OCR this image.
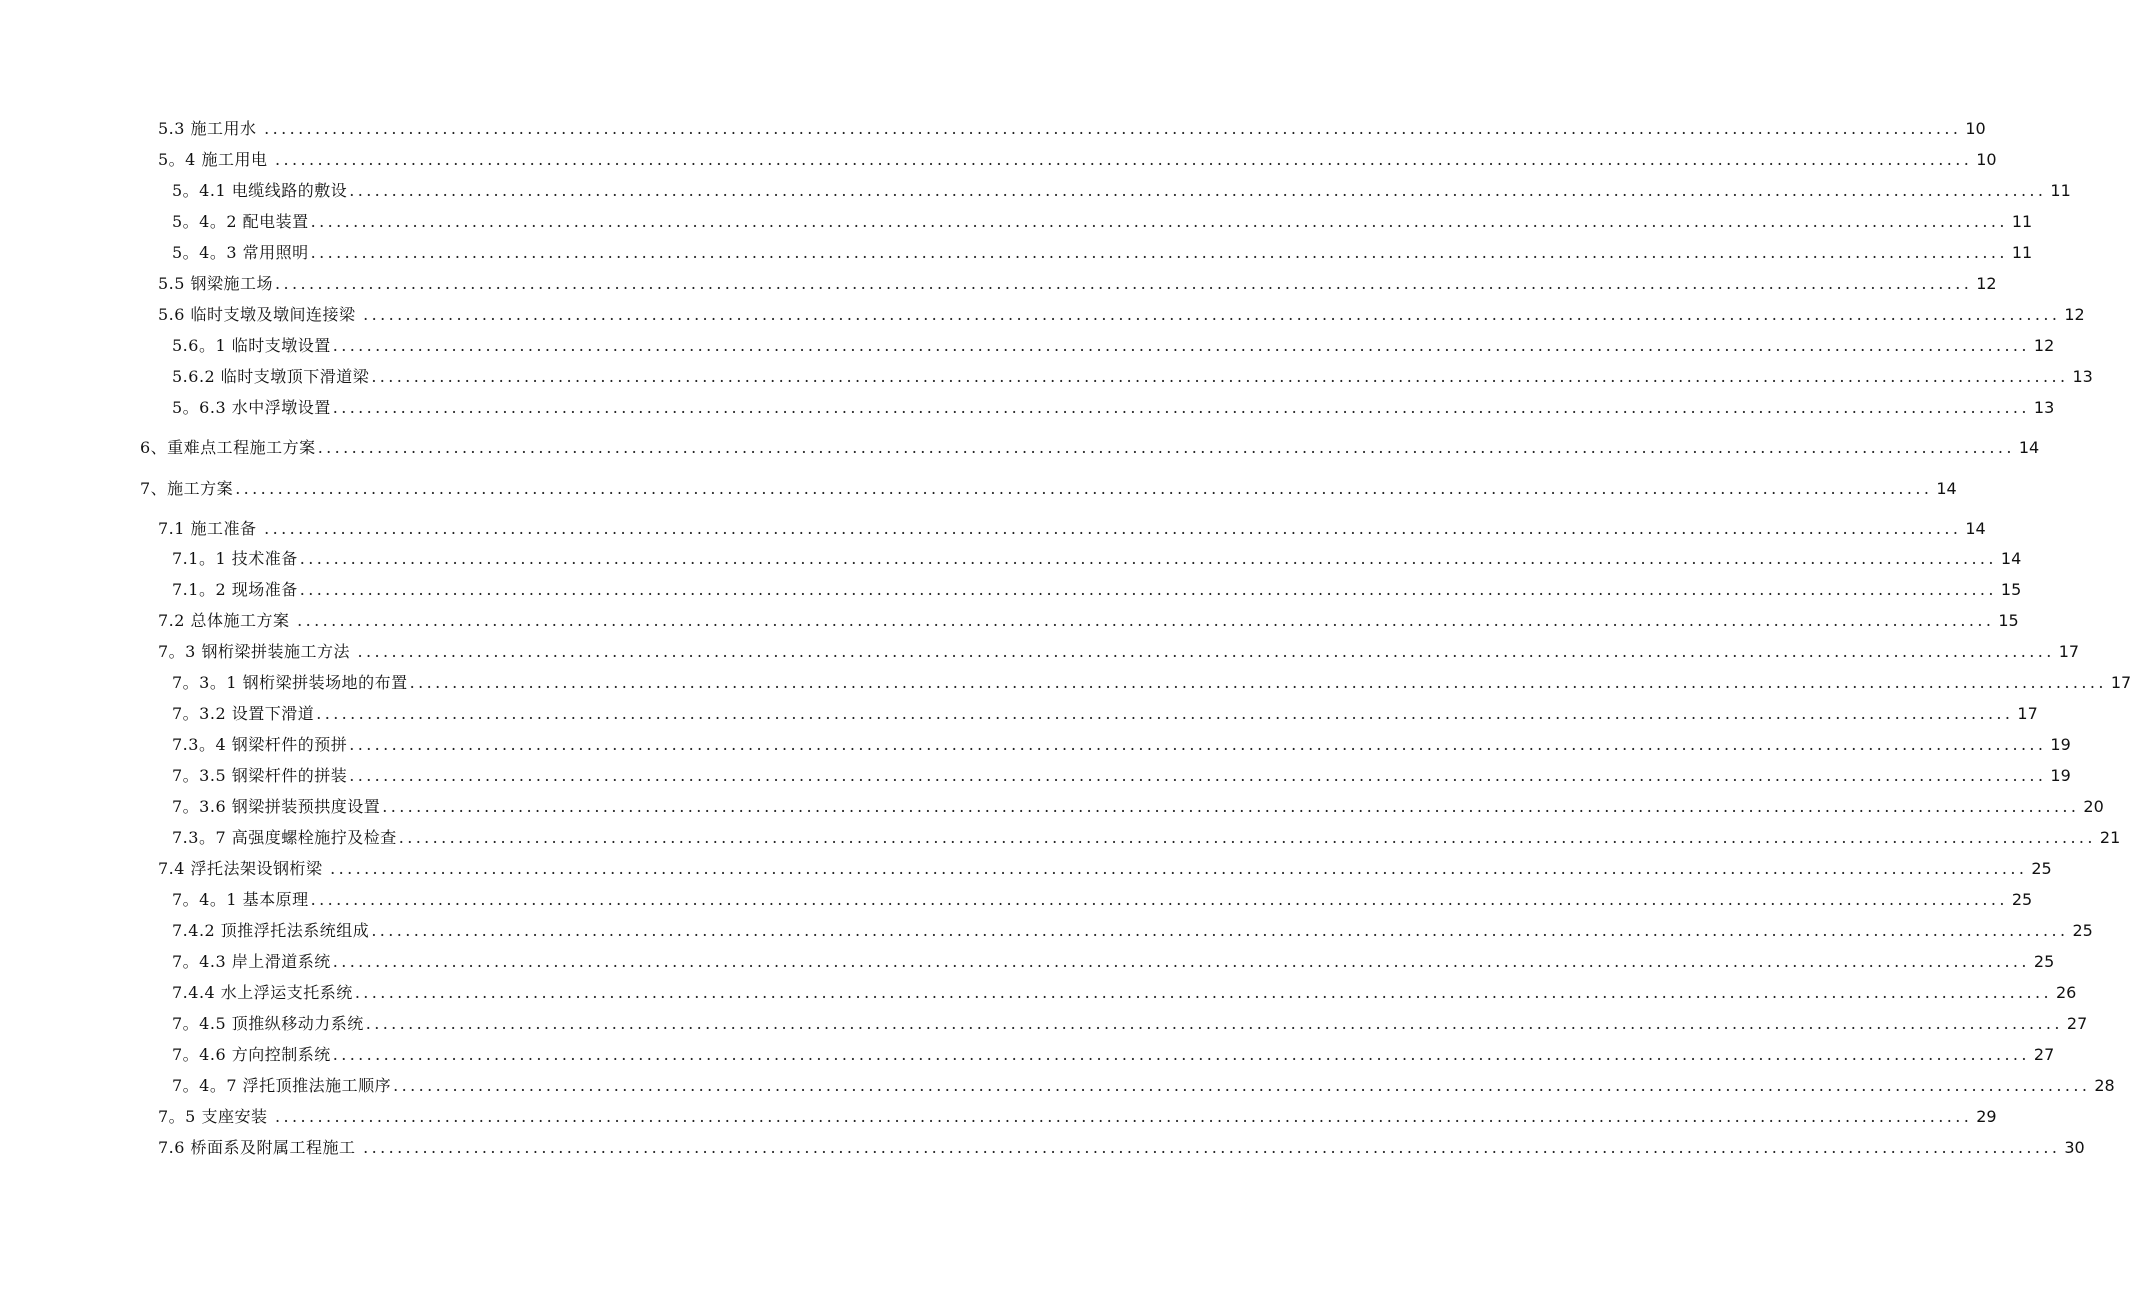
5.3 施工用水 ........................................................................................................................................................................................................ 10
5。4 施工用电 ........................................................................................................................................................................................................ 10
5。4.1 电缆线路的敷设 ........................................................................................................................................................................................................ 11
5。4。2 配电装置 ........................................................................................................................................................................................................ 11
5。4。3 常用照明 ........................................................................................................................................................................................................ 11
5.5 钢梁施工场 ........................................................................................................................................................................................................ 12
5.6 临时支墩及墩间连接梁 ........................................................................................................................................................................................................ 12
5.6。1 临时支墩设置 ........................................................................................................................................................................................................ 12
5.6.2 临时支墩顶下滑道梁 ........................................................................................................................................................................................................ 13
5。6.3 水中浮墩设置 ........................................................................................................................................................................................................ 13
6、重难点工程施工方案 ........................................................................................................................................................................................................ 14
7、施工方案 ........................................................................................................................................................................................................ 14
7.1 施工准备 ........................................................................................................................................................................................................ 14
7.1。1 技术准备 ........................................................................................................................................................................................................ 14
7.1。2 现场准备 ........................................................................................................................................................................................................ 15
7.2 总体施工方案 ........................................................................................................................................................................................................ 15
7。3 钢桁梁拼装施工方法 ........................................................................................................................................................................................................ 17
7。3。1 钢桁梁拼装场地的布置 ........................................................................................................................................................................................................ 17
7。3.2 设置下滑道 ........................................................................................................................................................................................................ 17
7.3。4 钢梁杆件的预拼 ........................................................................................................................................................................................................ 19
7。3.5 钢梁杆件的拼装 ........................................................................................................................................................................................................ 19
7。3.6 钢梁拼装预拱度设置 ........................................................................................................................................................................................................ 20
7.3。7 高强度螺栓施拧及检查 ........................................................................................................................................................................................................ 21
7.4 浮托法架设钢桁梁 ........................................................................................................................................................................................................ 25
7。4。1 基本原理 ........................................................................................................................................................................................................ 25
7.4.2 顶推浮托法系统组成 ........................................................................................................................................................................................................ 25
7。4.3 岸上滑道系统 ........................................................................................................................................................................................................ 25
7.4.4 水上浮运支托系统 ........................................................................................................................................................................................................ 26
7。4.5 顶推纵移动力系统 ........................................................................................................................................................................................................ 27
7。4.6 方向控制系统 ........................................................................................................................................................................................................ 27
7。4。7 浮托顶推法施工顺序 ........................................................................................................................................................................................................ 28
7。5 支座安装 ........................................................................................................................................................................................................ 29
7.6 桥面系及附属工程施工 ........................................................................................................................................................................................................ 30
